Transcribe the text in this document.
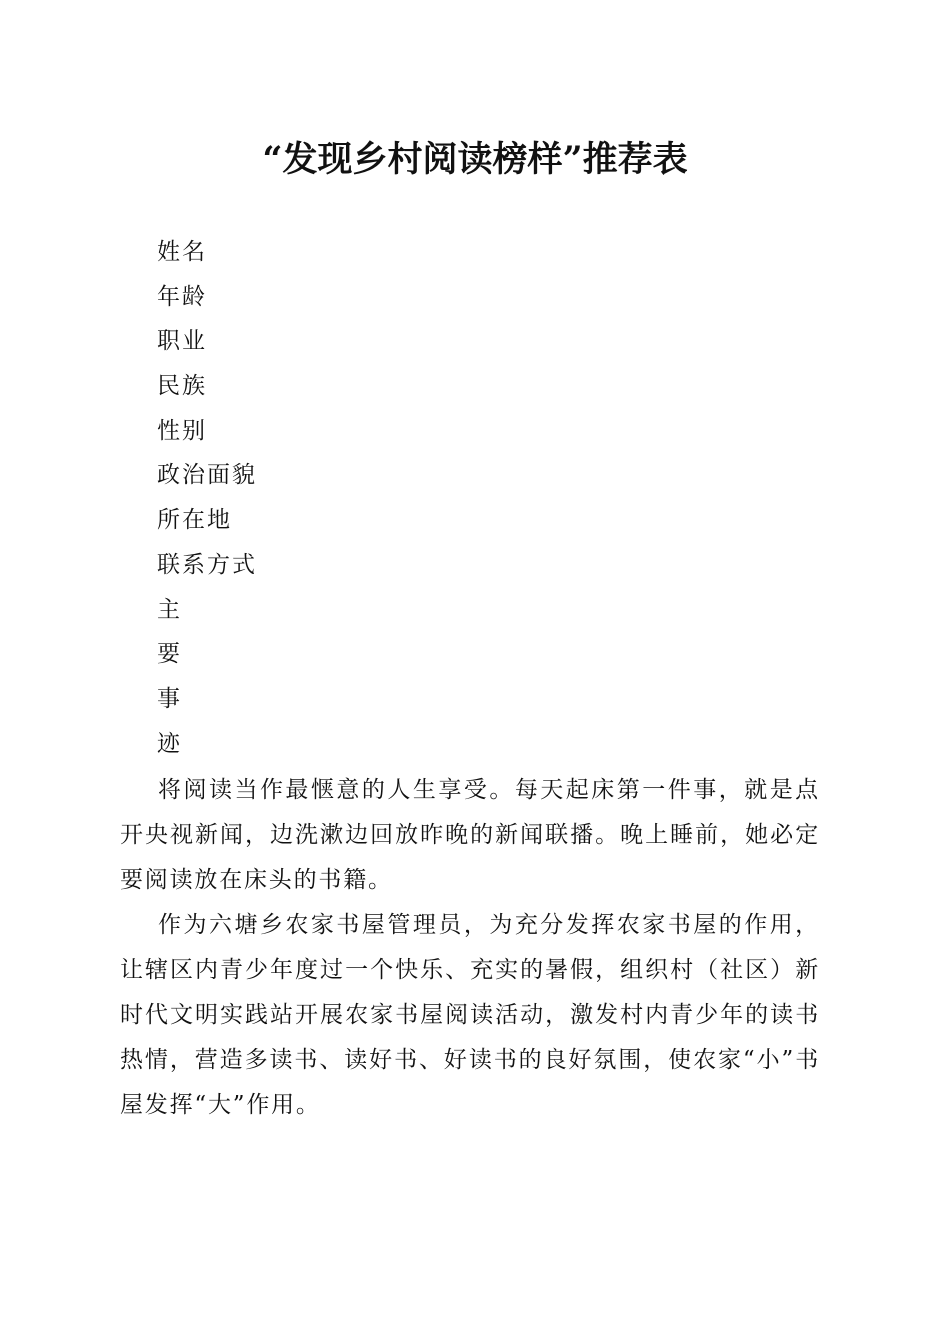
“发现乡村阅读榜样”推荐表
姓名
年龄
职业
民族
性别
政治面貌
所在地
联系方式
主
要
事
迹
将阅读当作最惬意的人生享受。每天起床第一件事，就是点开央视新闻，边洗漱边回放昨晚的新闻联播。晚上睡前，她必定要阅读放在床头的书籍。
作为六塘乡农家书屋管理员，为充分发挥农家书屋的作用，让辖区内青少年度过一个快乐、充实的暑假，组织村（社区）新时代文明实践站开展农家书屋阅读活动，激发村内青少年的读书热情，营造多读书、读好书、好读书的良好氛围，使农家“小”书屋发挥“大”作用。
